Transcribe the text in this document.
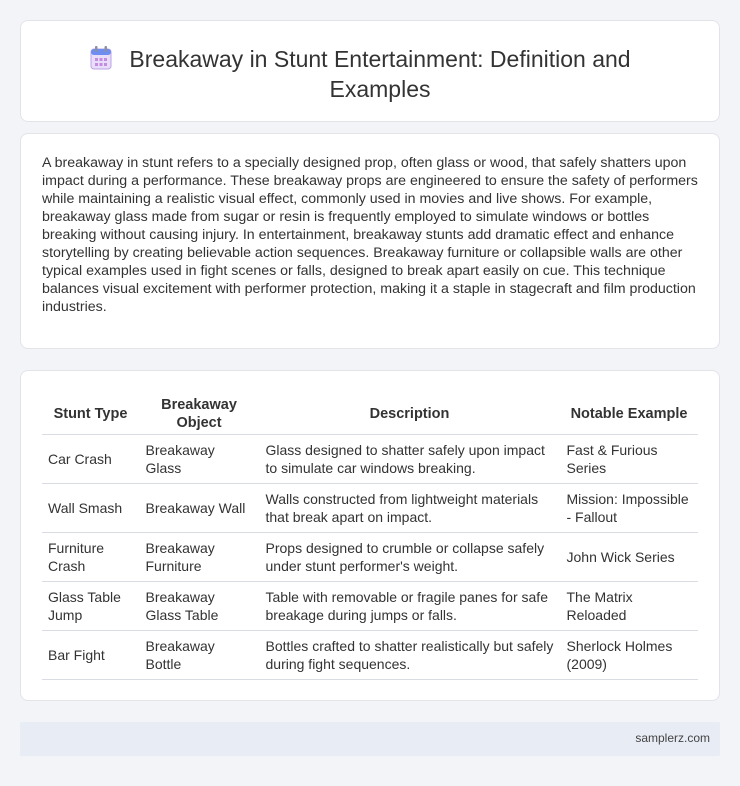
Breakaway in Stunt Entertainment: Definition and Examples

A breakaway in stunt refers to a specially designed prop, often glass or wood, that safely shatters upon impact during a performance. These breakaway props are engineered to ensure the safety of performers while maintaining a realistic visual effect, commonly used in movies and live shows. For example, breakaway glass made from sugar or resin is frequently employed to simulate windows or bottles breaking without causing injury. In entertainment, breakaway stunts add dramatic effect and enhance storytelling by creating believable action sequences. Breakaway furniture or collapsible walls are other typical examples used in fight scenes or falls, designed to break apart easily on cue. This technique balances visual excitement with performer protection, making it a staple in stagecraft and film production industries.

Stunt Type	Breakaway Object	Description	Notable Example
Car Crash	Breakaway Glass	Glass designed to shatter safely upon impact to simulate car windows breaking.	Fast & Furious Series
Wall Smash	Breakaway Wall	Walls constructed from lightweight materials that break apart on impact.	Mission: Impossible - Fallout
Furniture Crash	Breakaway Furniture	Props designed to crumble or collapse safely under stunt performer's weight.	John Wick Series
Glass Table Jump	Breakaway Glass Table	Table with removable or fragile panes for safe breakage during jumps or falls.	The Matrix Reloaded
Bar Fight	Breakaway Bottle	Bottles crafted to shatter realistically but safely during fight sequences.	Sherlock Holmes (2009)
samplerz.com
